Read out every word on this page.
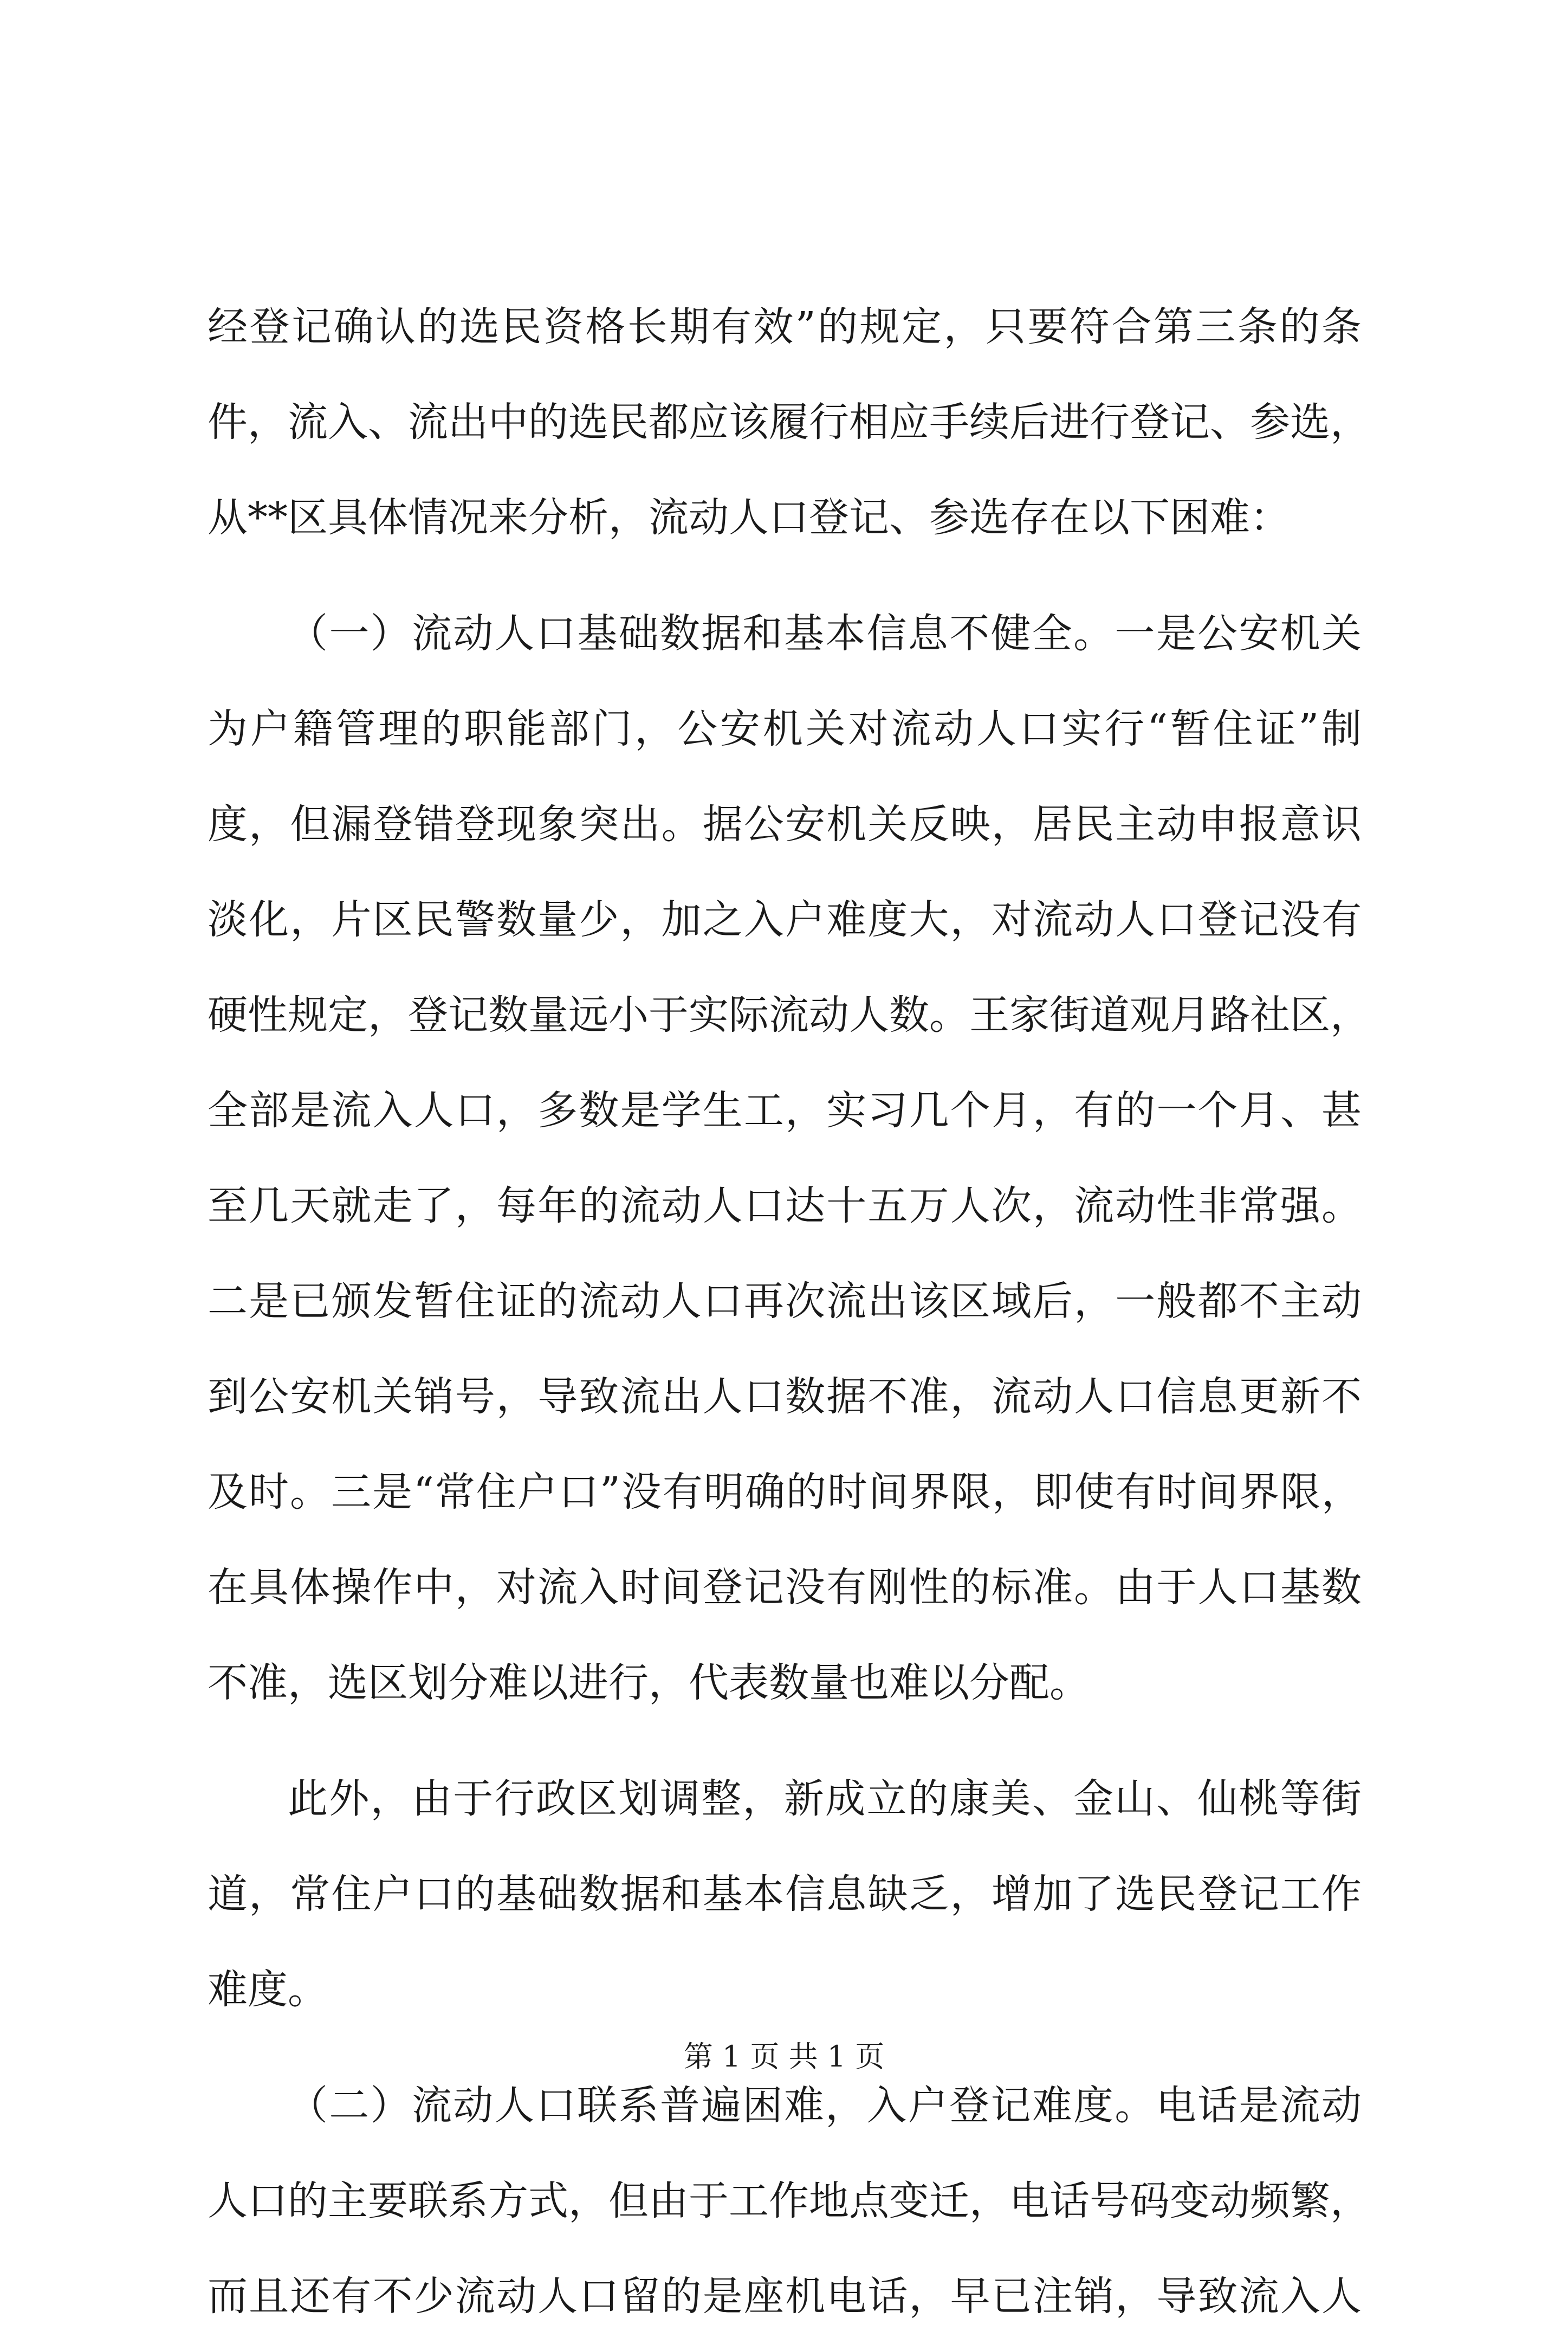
经登记确认的选民资格长期有效”的规定，只要符合第三条的条
件，流入、流出中的选民都应该履行相应手续后进行登记、参选，
从**区具体情况来分析，流动人口登记、参选存在以下困难：
（一）流动人口基础数据和基本信息不健全。一是公安机关
为户籍管理的职能部门，公安机关对流动人口实行“暂住证”制
度，但漏登错登现象突出。据公安机关反映，居民主动申报意识
淡化，片区民警数量少，加之入户难度大，对流动人口登记没有
硬性规定，登记数量远小于实际流动人数。王家街道观月路社区，
全部是流入人口，多数是学生工，实习几个月，有的一个月、甚
至几天就走了，每年的流动人口达十五万人次，流动性非常强。
二是已颁发暂住证的流动人口再次流出该区域后，一般都不主动
到公安机关销号，导致流出人口数据不准，流动人口信息更新不
及时。三是“常住户口”没有明确的时间界限，即使有时间界限，
在具体操作中，对流入时间登记没有刚性的标准。由于人口基数
不准，选区划分难以进行，代表数量也难以分配。
此外，由于行政区划调整，新成立的康美、金山、仙桃等街
道，常住户口的基础数据和基本信息缺乏，增加了选民登记工作
难度。
（二）流动人口联系普遍困难，入户登记难度。电话是流动
人口的主要联系方式，但由于工作地点变迁，电话号码变动频繁，
而且还有不少流动人口留的是座机电话，早已注销，导致流入人
第 1 页 共 1 页
